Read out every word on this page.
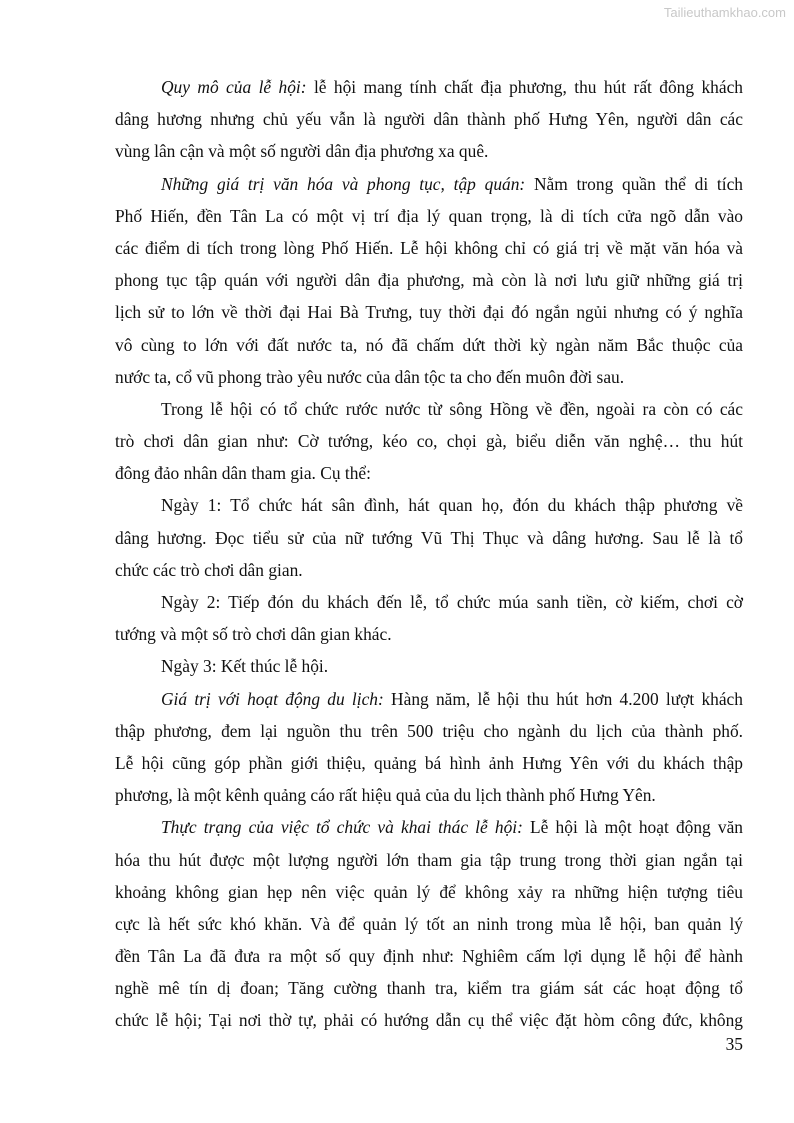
Tailieuthamkhao.com
Quy mô của lễ hội: lễ hội mang tính chất địa phương, thu hút rất đông khách
dâng hương nhưng chủ yếu vẫn là người dân thành phố Hưng Yên, người dân các
vùng lân cận và một số người dân địa phương xa quê.
Những giá trị văn hóa và phong tục, tập quán: Nằm trong quần thể di tích
Phố Hiến, đền Tân La có một vị trí địa lý quan trọng, là di tích cửa ngõ dẫn vào
các điểm di tích trong lòng Phố Hiến. Lễ hội không chỉ có giá trị về mặt văn hóa và
phong tục tập quán với người dân địa phương, mà còn là nơi lưu giữ những giá trị
lịch sử to lớn về thời đại Hai Bà Trưng, tuy thời đại đó ngắn ngủi nhưng có ý nghĩa
vô cùng to lớn với đất nước ta, nó đã chấm dứt thời kỳ ngàn năm Bắc thuộc của
nước ta, cổ vũ phong trào yêu nước của dân tộc ta cho đến muôn đời sau.
Trong lễ hội có tổ chức rước nước từ sông Hồng về đền, ngoài ra còn có các
trò chơi dân gian như: Cờ tướng, kéo co, chọi gà, biểu diễn văn nghệ… thu hút
đông đảo nhân dân tham gia. Cụ thể:
Ngày 1: Tổ chức hát sân đình, hát quan họ, đón du khách thập phương về
dâng hương. Đọc tiểu sử của nữ tướng Vũ Thị Thục và dâng hương. Sau lễ là tổ
chức các trò chơi dân gian.
Ngày 2: Tiếp đón du khách đến lễ, tổ chức múa sanh tiền, cờ kiếm, chơi cờ
tướng và một số trò chơi dân gian khác.
Ngày 3: Kết thúc lễ hội.
Giá trị với hoạt động du lịch: Hàng năm, lễ hội thu hút hơn 4.200 lượt khách
thập phương, đem lại nguồn thu trên 500 triệu cho ngành du lịch của thành phố.
Lễ hội cũng góp phần giới thiệu, quảng bá hình ảnh Hưng Yên với du khách thập
phương, là một kênh quảng cáo rất hiệu quả của du lịch thành phố Hưng Yên.
Thực trạng của việc tổ chức và khai thác lễ hội: Lễ hội là một hoạt động văn
hóa thu hút được một lượng người lớn tham gia tập trung trong thời gian ngắn tại
khoảng không gian hẹp nên việc quản lý để không xảy ra những hiện tượng tiêu
cực là hết sức khó khăn. Và để quản lý tốt an ninh trong mùa lễ hội, ban quản lý
đền Tân La đã đưa ra một số quy định như: Nghiêm cấm lợi dụng lễ hội để hành
nghề mê tín dị đoan; Tăng cường thanh tra, kiểm tra giám sát các hoạt động tổ
chức lễ hội; Tại nơi thờ tự, phải có hướng dẫn cụ thể việc đặt hòm công đức, không
35
